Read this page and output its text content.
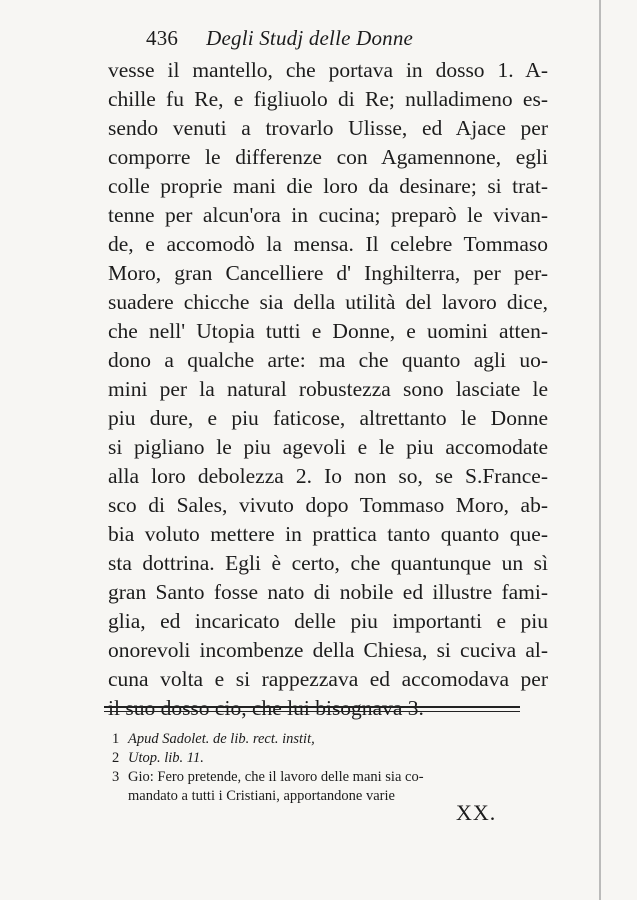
436 Degli Studj delle Donne
vesse il mantello, che portava in dosso 1. A-
chille fu Re, e figliuolo di Re; nulladimeno es-
sendo venuti a trovarlo Ulisse, ed Ajace per
comporre le differenze con Agamennone, egli
colle proprie mani die loro da desinare; si trat-
tenne per alcun'ora in cucina; preparò le vivan-
de, e accomodò la mensa. Il celebre Tommaso
Moro, gran Cancelliere d' Inghilterra, per per-
suadere chicche sia della utilità del lavoro dice,
che nell' Utopia tutti e Donne, e uomini atten-
dono a qualche arte: ma che quanto agli uo-
mini per la natural robustezza sono lasciate le
piu dure, e piu faticose, altrettanto le Donne
si pigliano le piu agevoli e le piu accomodate
alla loro debolezza 2. Io non so, se S.France-
sco di Sales, vivuto dopo Tommaso Moro, ab-
bia voluto mettere in prattica tanto quanto que-
sta dottrina. Egli è certo, che quantunque un sì
gran Santo fosse nato di nobile ed illustre fami-
glia, ed incaricato delle piu importanti e piu
onorevoli incombenze della Chiesa, si cuciva al-
cuna volta e si rappezzava ed accomodava per
il suo dosso cio, che lui bisognava 3.
1 Apud Sadolet. de lib. rect. instit,
2 Utop. lib. 11.
3 Gio: Fero pretende, che il lavoro delle mani sia co-
mandato a tutti i Cristiani, apportandone varie
XX.
